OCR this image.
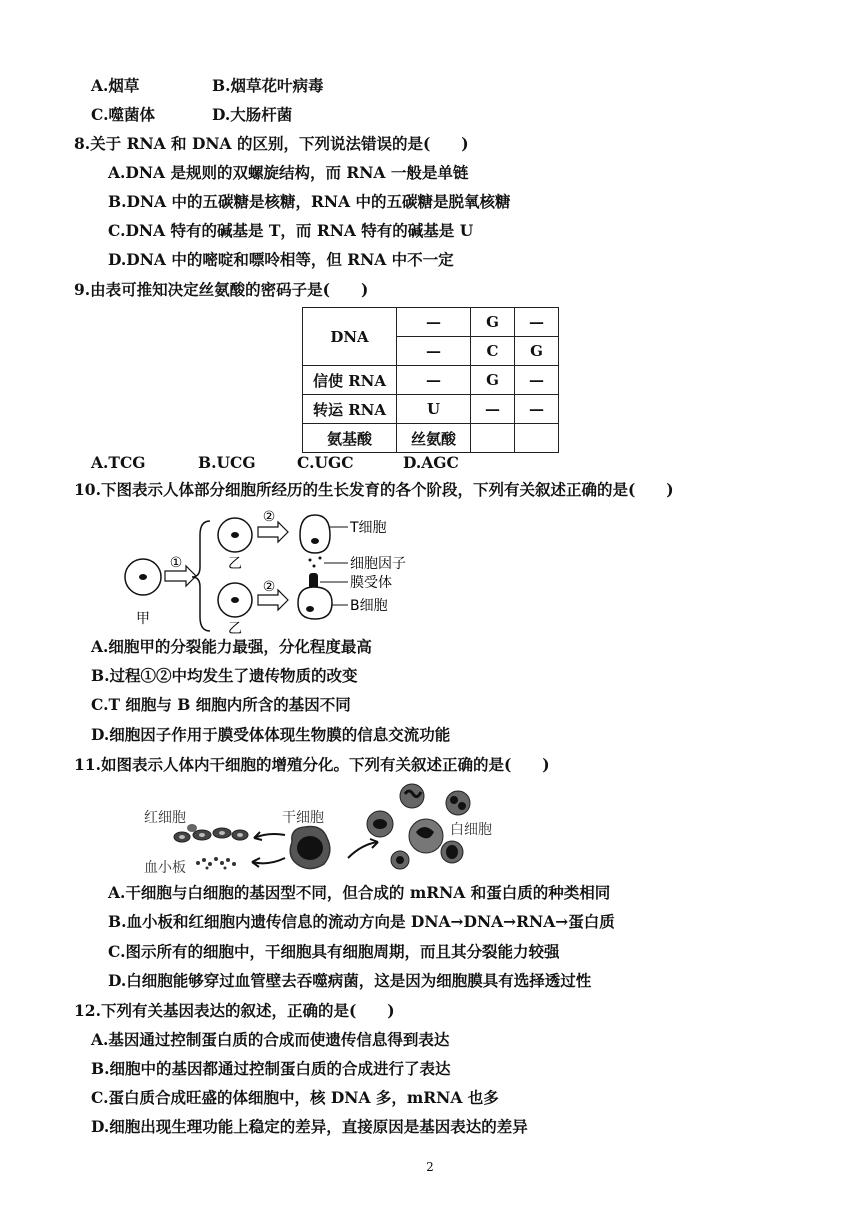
A.烟草	B.烟草花叶病毒
C.噬菌体	D.大肠杆菌
8.关于 RNA 和 DNA 的区别，下列说法错误的是(　　)
A.DNA 是规则的双螺旋结构，而 RNA 一般是单链
B.DNA 中的五碳糖是核糖，RNA 中的五碳糖是脱氧核糖
C.DNA 特有的碱基是 T，而 RNA 特有的碱基是 U
D.DNA 中的嘧啶和嘌呤相等，但 RNA 中不一定
9.由表可推知决定丝氨酸的密码子是(　　)
DNA	—	G	—
	—	C	G
信使 RNA	—	G	—
转运 RNA	U	—	—
氨基酸	丝氨酸		
A.TCG	B.UCG	C.UGC	D.AGC
10.下图表示人体部分细胞所经历的生长发育的各个阶段，下列有关叙述正确的是(　　)
甲
①	乙
乙
②
②
T细胞
细胞因子
膜受体
B细胞
A.细胞甲的分裂能力最强，分化程度最高
B.过程①②中均发生了遗传物质的改变
C.T 细胞与 B 细胞内所含的基因不同
D.细胞因子作用于膜受体体现生物膜的信息交流功能
11.如图表示人体内干细胞的增殖分化。下列有关叙述正确的是(　　)
红细胞
血小板
干细胞
白细胞
A.干细胞与白细胞的基因型不同，但合成的 mRNA 和蛋白质的种类相同
B.血小板和红细胞内遗传信息的流动方向是 DNA→DNA→RNA→蛋白质
C.图示所有的细胞中，干细胞具有细胞周期，而且其分裂能力较强
D.白细胞能够穿过血管壁去吞噬病菌，这是因为细胞膜具有选择透过性
12.下列有关基因表达的叙述，正确的是(　　)
A.基因通过控制蛋白质的合成而使遗传信息得到表达
B.细胞中的基因都通过控制蛋白质的合成进行了表达
C.蛋白质合成旺盛的体细胞中，核 DNA 多，mRNA 也多
D.细胞出现生理功能上稳定的差异，直接原因是基因表达的差异
2
